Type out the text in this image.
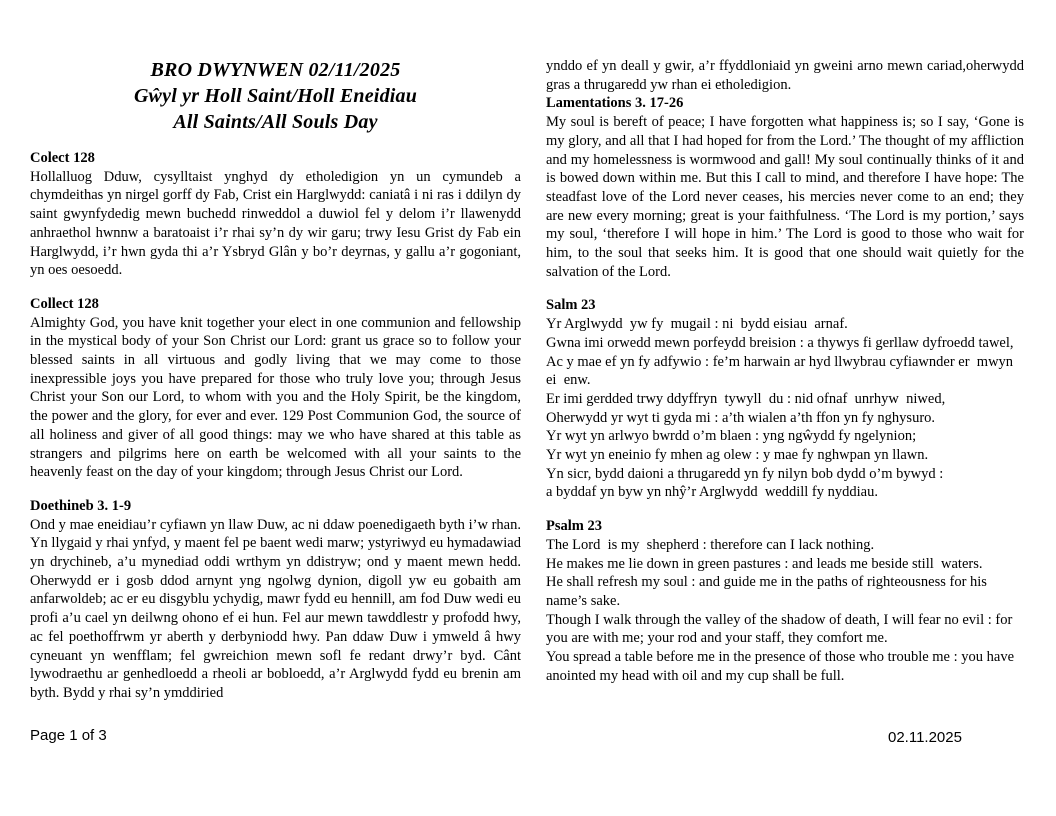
BRO DWYNWEN 02/11/2025
Gŵyl yr Holl Saint/Holl Eneidiau
All Saints/All Souls Day
Colect 128

Hollalluog Dduw, cysylltaist ynghyd dy etholedigion yn un cymundeb a chymdeithas yn nirgel gorff dy Fab, Crist ein Harglwydd: caniatâ i ni ras i ddilyn dy saint gwynfydedig mewn buchedd rinweddol a duwiol fel y delom i’r llawenydd anhraethol hwnnw a baratoaist i’r rhai sy’n dy wir garu; trwy Iesu Grist dy Fab ein Harglwydd, i’r hwn gyda thi a’r Ysbryd Glân y bo’r deyrnas, y gallu a’r gogoniant, yn oes oesoedd.

Collect 128

Almighty God, you have knit together your elect in one communion and fellowship in the mystical body of your Son Christ our Lord: grant us grace so to follow your blessed saints in all virtuous and godly living that we may come to those inexpressible joys you have prepared for those who truly love you; through Jesus Christ your Son our Lord, to whom with you and the Holy Spirit, be the kingdom, the power and the glory, for ever and ever. 129 Post Communion God, the source of all holiness and giver of all good things: may we who have shared at this table as strangers and pilgrims here on earth be welcomed with all your saints to the heavenly feast on the day of your kingdom; through Jesus Christ our Lord.

Doethineb 3. 1-9

Ond y mae eneidiau’r cyfiawn yn llaw Duw, ac ni ddaw poenedigaeth byth i’w rhan. Yn llygaid y rhai ynfyd, y maent fel pe baent wedi marw; ystyriwyd eu hymadawiad yn drychineb, a’u mynediad oddi wrthym yn ddistryw; ond y maent mewn hedd. Oherwydd er i gosb ddod arnynt yng ngolwg dynion, digoll yw eu gobaith am anfarwoldeb; ac er eu disgyblu ychydig, mawr fydd eu hennill, am fod Duw wedi eu profi a’u cael yn deilwng ohono ef ei hun. Fel aur mewn tawddlestr y profodd hwy, ac fel poethoffrwm yr aberth y derbyniodd hwy. Pan ddaw Duw i ymweld â hwy cyneuant yn wenfflam; fel gwreichion mewn sofl fe redant drwy’r byd. Cânt lywodraethu ar genhedloedd a rheoli ar bobloedd, a’r Arglwydd fydd eu brenin am byth. Bydd y rhai sy’n ymddiried

ynddo ef yn deall y gwir, a’r ffyddloniaid yn gweini arno mewn cariad,oherwydd gras a thrugaredd yw rhan ei etholedigion.

Lamentations 3. 17-26

My soul is bereft of peace; I have forgotten what happiness is; so I say, ‘Gone is my glory, and all that I had hoped for from the Lord.’ The thought of my affliction and my homelessness is wormwood and gall! My soul continually thinks of it and is bowed down within me. But this I call to mind, and therefore I have hope: The steadfast love of the Lord never ceases, his mercies never come to an end; they are new every morning; great is your faithfulness. ‘The Lord is my portion,’ says my soul, ‘therefore I will hope in him.’ The Lord is good to those who wait for him, to the soul that seeks him. It is good that one should wait quietly for the salvation of the Lord.

Salm 23
Yr Arglwydd  yw fy  mugail : ni  bydd eisiau  arnaf.
Gwna imi orwedd mewn porfeydd breision : a thywys fi gerllaw dyfroedd tawel,
Ac y mae ef yn fy adfywio : fe’m harwain ar hyd llwybrau cyfiawnder er  mwyn ei  enw.
Er imi gerdded trwy ddyffryn  tywyll  du : nid ofnaf  unrhyw  niwed,
Oherwydd yr wyt ti gyda mi : a’th wialen a’th ffon yn fy nghysuro.
Yr wyt yn arlwyo bwrdd o’m blaen : yng ngŵydd fy ngelynion;
Yr wyt yn eneinio fy mhen ag olew : y mae fy nghwpan yn llawn.
Yn sicr, bydd daioni a thrugaredd yn fy nilyn bob dydd o’m bywyd :
a byddaf yn byw yn nhŷ’r Arglwydd  weddill fy nyddiau.
Psalm 23
The Lord  is my  shepherd : therefore can I lack nothing.
He makes me lie down in green pastures : and leads me beside still  waters.
He shall refresh my soul : and guide me in the paths of righteousness for his name’s sake.
Though I walk through the valley of the shadow of death, I will fear no evil : for you are with me; your rod and your staff, they comfort me.
You spread a table before me in the presence of those who trouble me : you have anointed my head with oil and my cup shall be full.
Page 1 of 3	02.11.2025
